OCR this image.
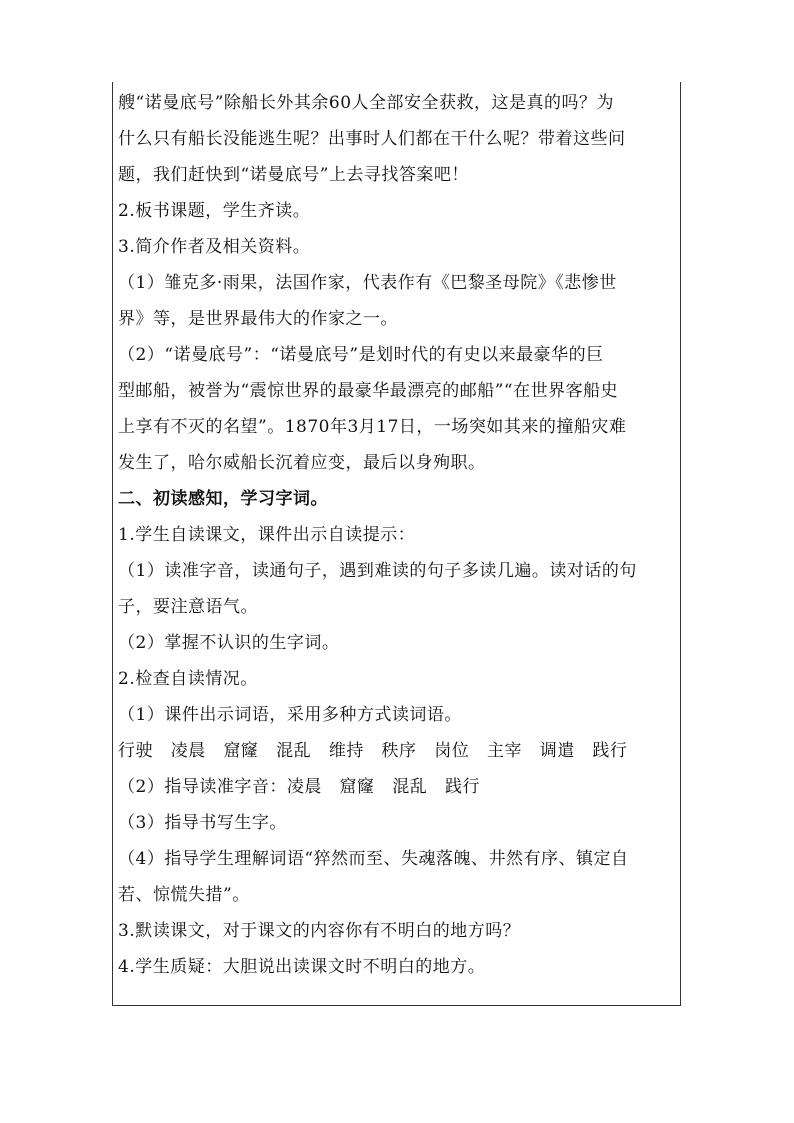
艘“诺曼底号”除船长外其余60人全部安全获救，这是真的吗？为
什么只有船长没能逃生呢？出事时人们都在干什么呢？带着这些问
题，我们赶快到“诺曼底号”上去寻找答案吧！
2.板书课题，学生齐读。
3.简介作者及相关资料。
（1）雏克多·雨果，法国作家，代表作有《巴黎圣母院》《悲惨世
界》等，是世界最伟大的作家之一。
（2）“诺曼底号”：“诺曼底号”是划时代的有史以来最豪华的巨
型邮船，被誉为“震惊世界的最豪华最漂亮的邮船”“在世界客船史
上享有不灭的名望”。1870年3月17日，一场突如其来的撞船灾难
发生了，哈尔威船长沉着应变，最后以身殉职。
二、初读感知，学习字词。
1.学生自读课文，课件出示自读提示：
（1）读准字音，读通句子，遇到难读的句子多读几遍。读对话的句
子，要注意语气。
（2）掌握不认识的生字词。
2.检查自读情况。
（1）课件出示词语，采用多种方式读词语。
行驶   凌晨   窟窿   混乱   维持   秩序   岗位   主宰   调遣   践行
（2）指导读准字音：凌晨   窟窿   混乱   践行
（3）指导书写生字。
（4）指导学生理解词语“猝然而至、失魂落魄、井然有序、镇定自
若、惊慌失措”。
3.默读课文，对于课文的内容你有不明白的地方吗？
4.学生质疑：大胆说出读课文时不明白的地方。
